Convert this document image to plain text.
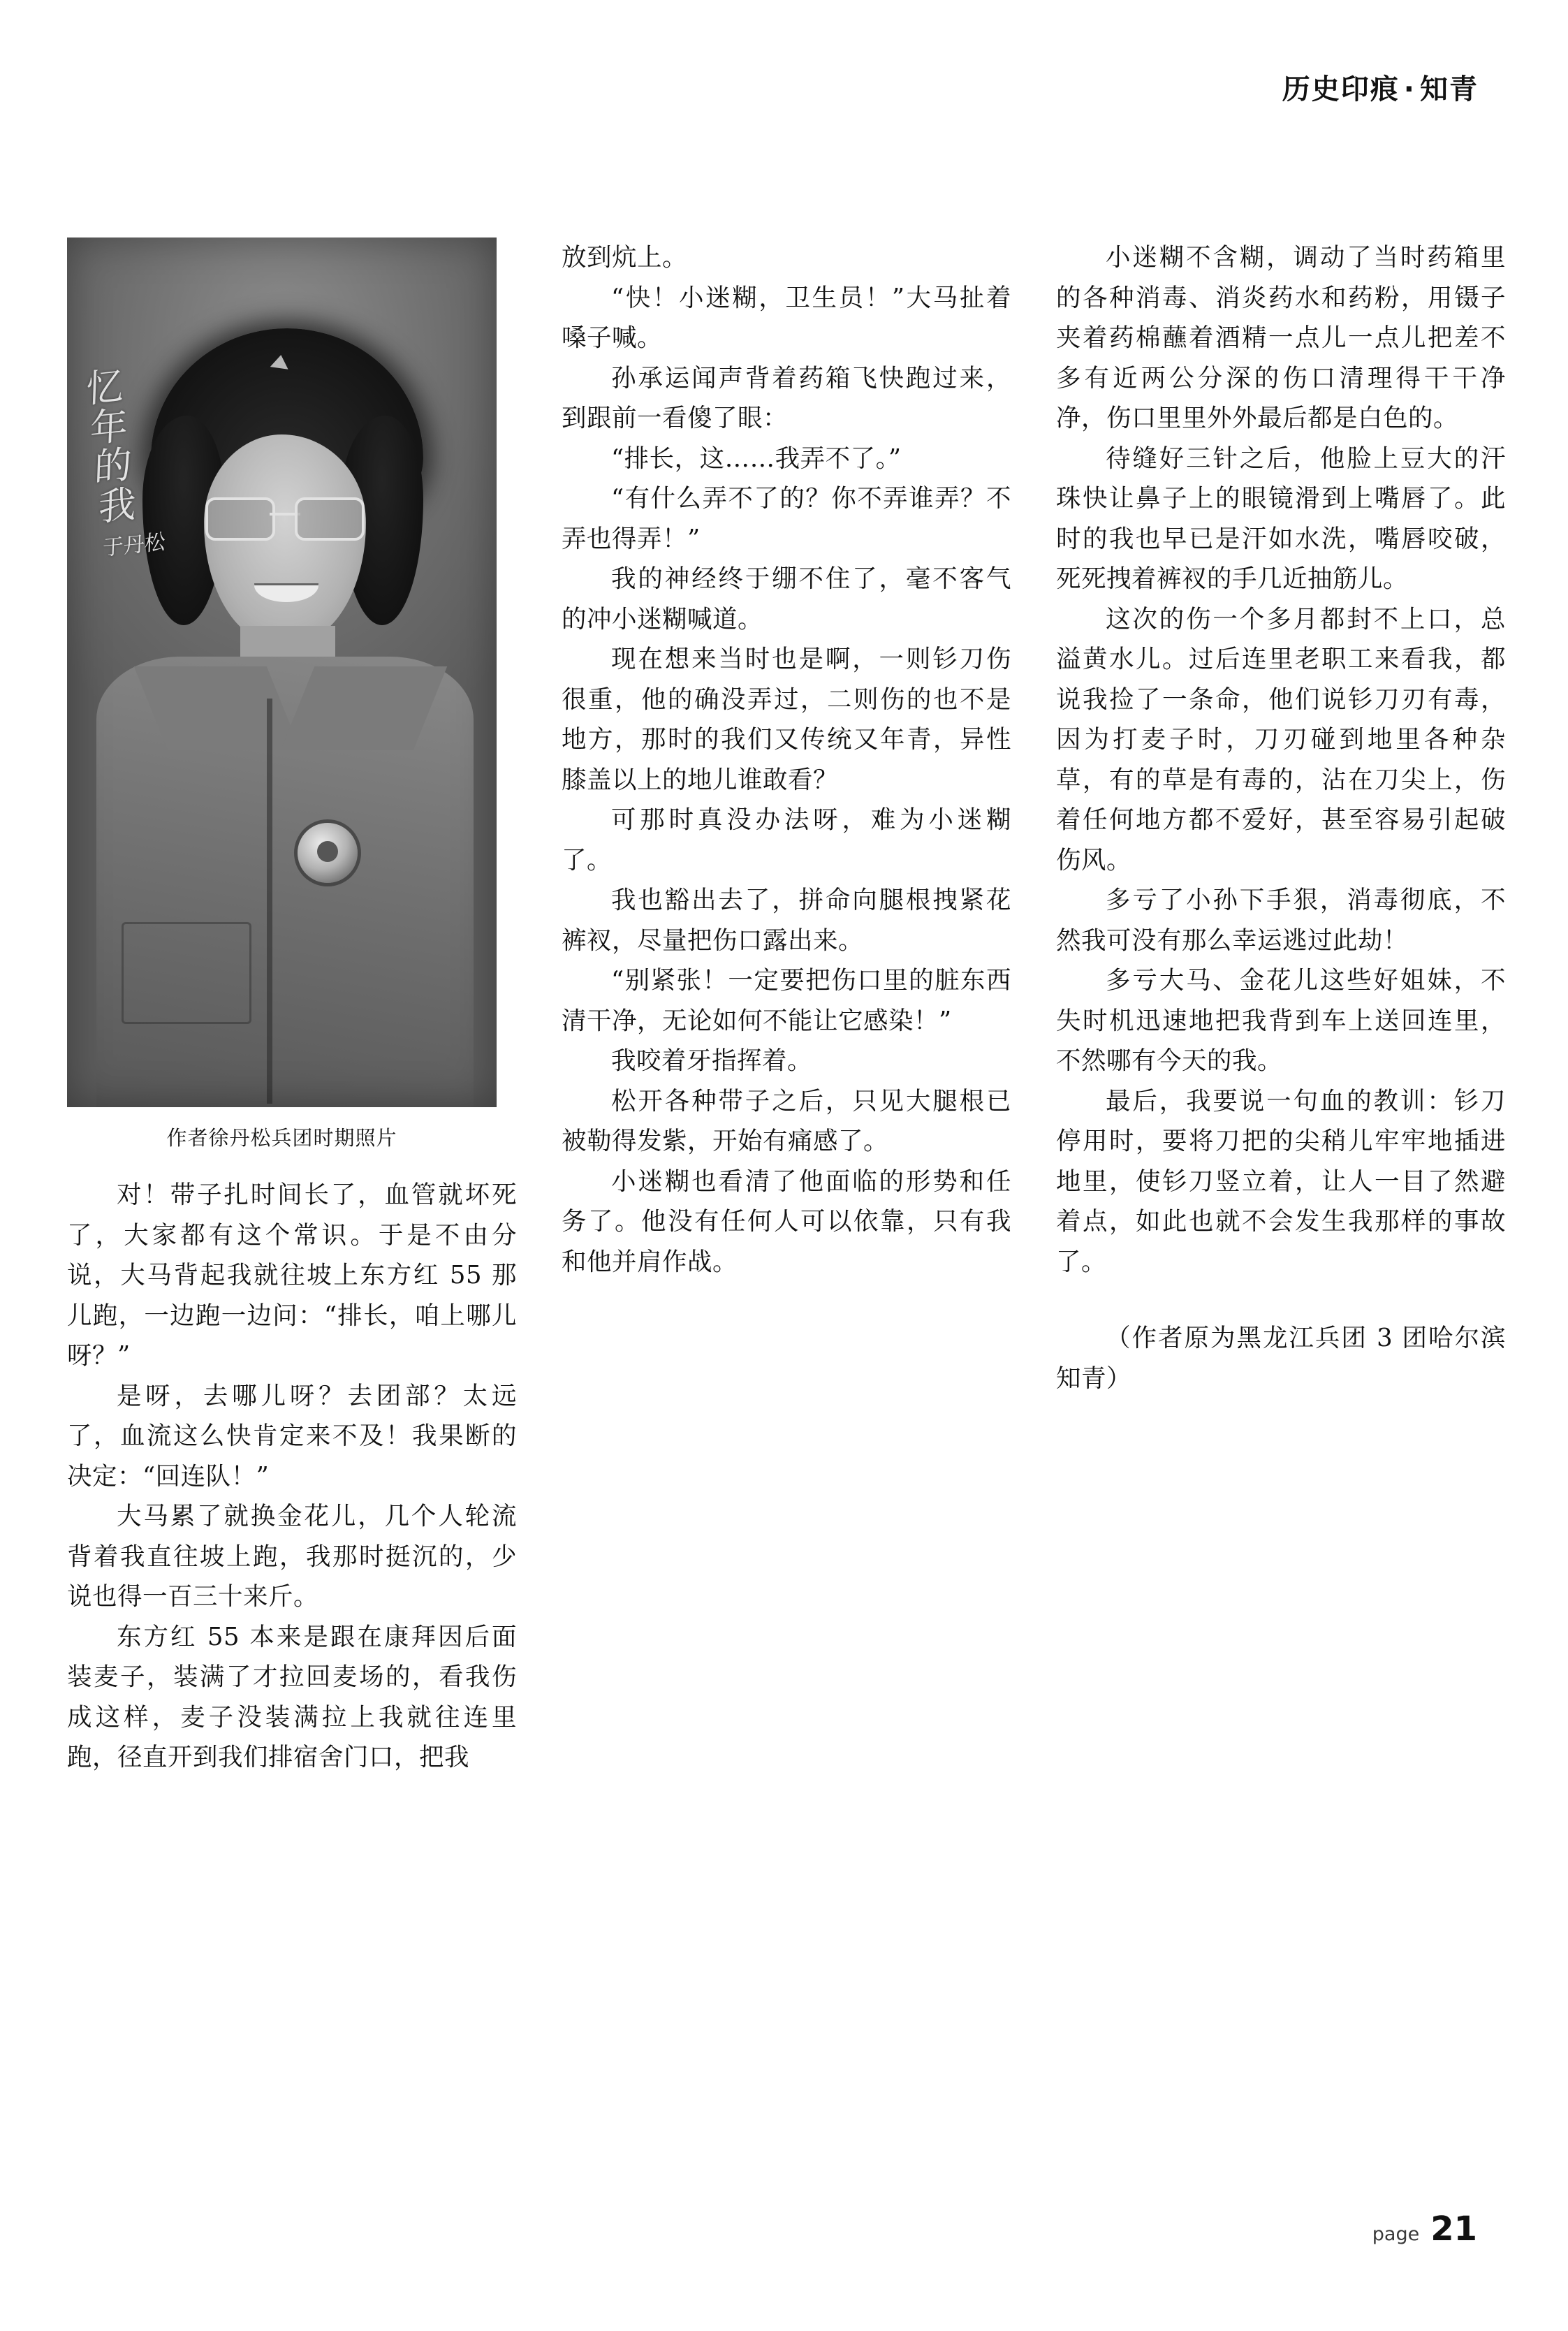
历史印痕 · 知青
忆
年
的
我
于丹松
作者徐丹松兵团时期照片

对！带子扎时间长了，血管就坏死了，大家都有这个常识。于是不由分说，大马背起我就往坡上东方红 55 那儿跑，一边跑一边问：“排长，咱上哪儿呀？”

是呀，去哪儿呀？去团部？太远了，血流这么快肯定来不及！我果断的决定：“回连队！”

大马累了就换金花儿，几个人轮流背着我直往坡上跑，我那时挺沉的，少说也得一百三十来斤。

东方红 55 本来是跟在康拜因后面装麦子，装满了才拉回麦场的，看我伤成这样，麦子没装满拉上我就往连里跑，径直开到我们排宿舍门口，把我

放到炕上。

“快！小迷糊，卫生员！”大马扯着嗓子喊。

孙承运闻声背着药箱飞快跑过来，到跟前一看傻了眼：

“排长，这……我弄不了。”

“有什么弄不了的？你不弄谁弄？不弄也得弄！”

我的神经终于绷不住了，毫不客气的冲小迷糊喊道。

现在想来当时也是啊，一则钐刀伤很重，他的确没弄过，二则伤的也不是地方，那时的我们又传统又年青，异性膝盖以上的地儿谁敢看？

可那时真没办法呀，难为小迷糊了。

我也豁出去了，拼命向腿根拽紧花裤衩，尽量把伤口露出来。

“别紧张！一定要把伤口里的脏东西清干净，无论如何不能让它感染！”

我咬着牙指挥着。

松开各种带子之后，只见大腿根已被勒得发紫，开始有痛感了。

小迷糊也看清了他面临的形势和任务了。他没有任何人可以依靠，只有我和他并肩作战。

小迷糊不含糊，调动了当时药箱里的各种消毒、消炎药水和药粉，用镊子夹着药棉蘸着酒精一点儿一点儿把差不多有近两公分深的伤口清理得干干净净，伤口里里外外最后都是白色的。

待缝好三针之后，他脸上豆大的汗珠快让鼻子上的眼镜滑到上嘴唇了。此时的我也早已是汗如水洗，嘴唇咬破，死死拽着裤衩的手几近抽筋儿。

这次的伤一个多月都封不上口，总溢黄水儿。过后连里老职工来看我，都说我捡了一条命，他们说钐刀刃有毒，因为打麦子时，刀刃碰到地里各种杂草，有的草是有毒的，沾在刀尖上，伤着任何地方都不爱好，甚至容易引起破伤风。

多亏了小孙下手狠，消毒彻底，不然我可没有那么幸运逃过此劫！

多亏大马、金花儿这些好姐妹，不失时机迅速地把我背到车上送回连里，不然哪有今天的我。

最后，我要说一句血的教训：钐刀停用时，要将刀把的尖稍儿牢牢地插进地里，使钐刀竖立着，让人一目了然避着点，如此也就不会发生我那样的事故了。

（作者原为黑龙江兵团 3 团哈尔滨知青）

page 21
